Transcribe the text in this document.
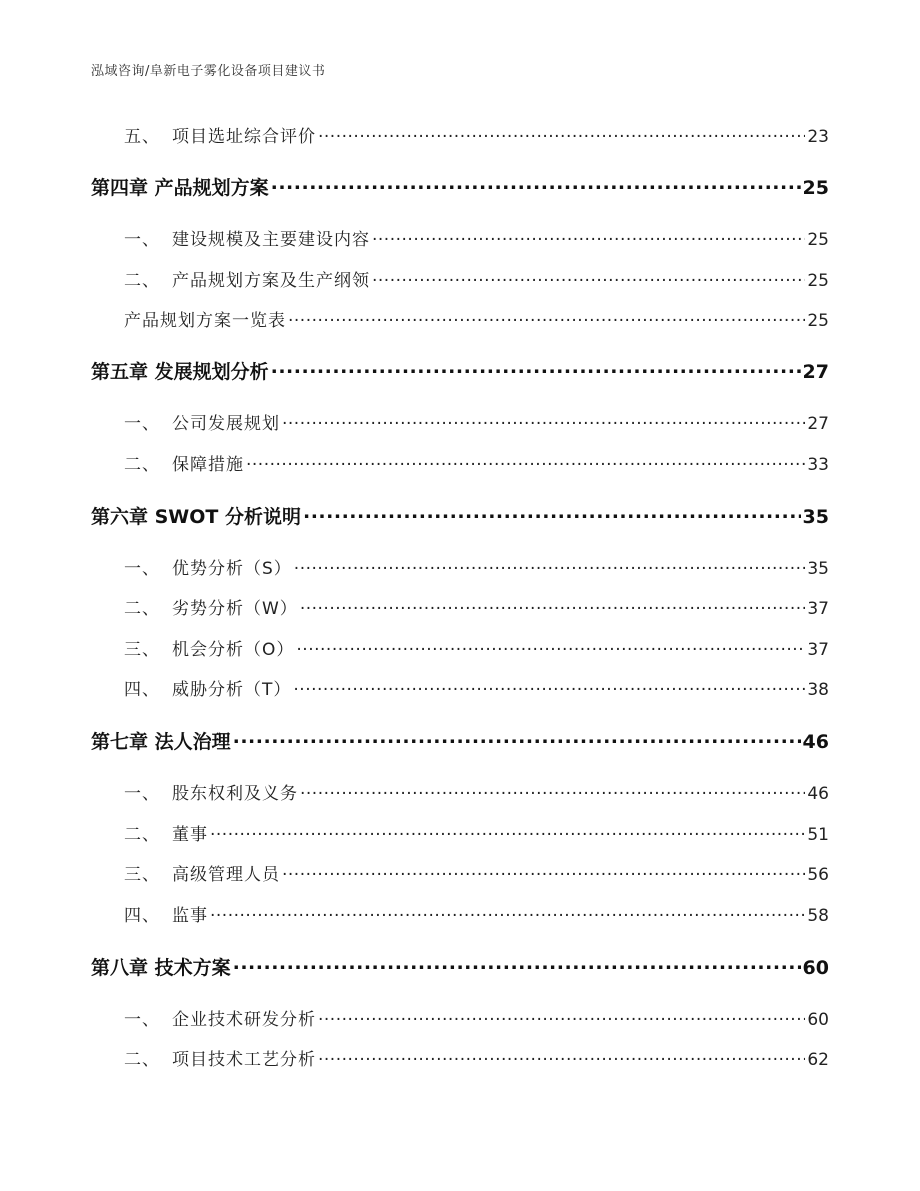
泓域咨询/阜新电子雾化设备项目建议书
五、 项目选址综合评价 .....	23
第四章 产品规划方案 .....	25
一、 建设规模及主要建设内容 .....	25
二、 产品规划方案及生产纲领 .....	25
产品规划方案一览表 .....	25
第五章 发展规划分析 .....	27
一、 公司发展规划 .....	27
二、 保障措施 .....	33
第六章 SWOT 分析说明 .....	35
一、 优势分析（S） .....	35
二、 劣势分析（W） .....	37
三、 机会分析（O） .....	37
四、 威胁分析（T） .....	38
第七章 法人治理 .....	46
一、 股东权利及义务 .....	46
二、 董事 .....	51
三、 高级管理人员 .....	56
四、 监事 .....	58
第八章 技术方案 .....	60
一、 企业技术研发分析 .....	60
二、 项目技术工艺分析 .....	62
